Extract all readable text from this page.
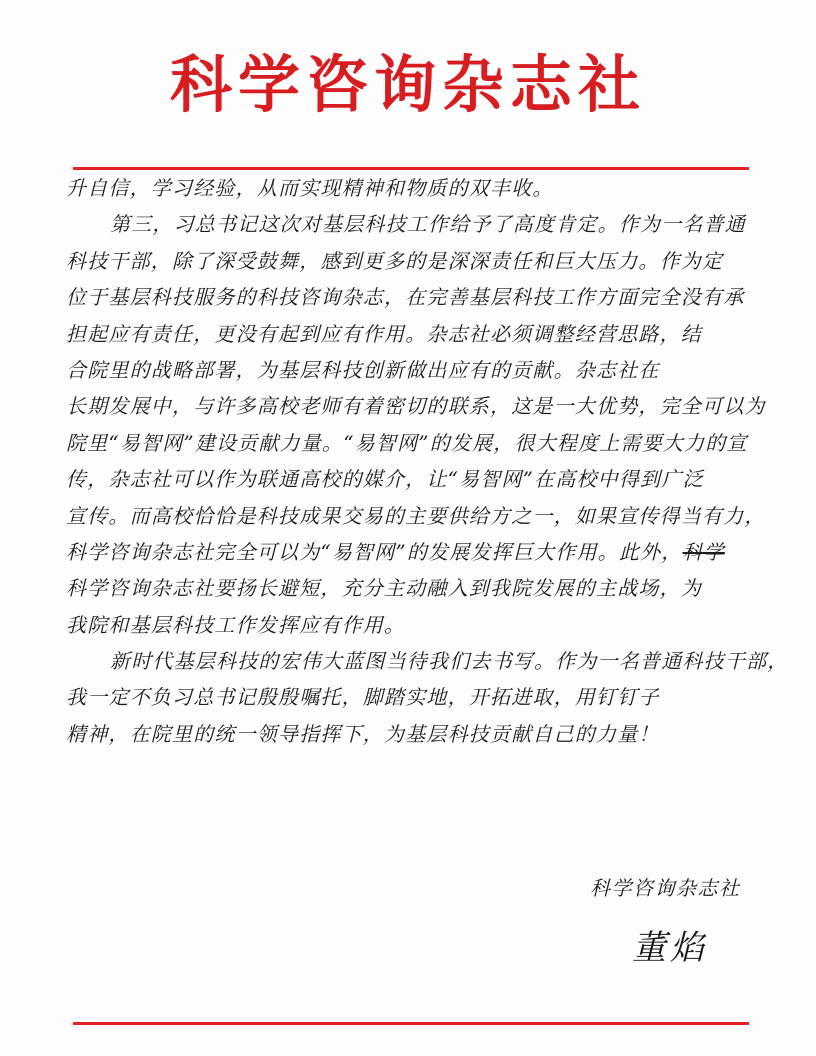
科学咨询杂志社
升自信，学习经验，从而实现精神和物质的双丰收。
第三，习总书记这次对基层科技工作给予了高度肯定。作为一名普通
科技干部，除了深受鼓舞，感到更多的是深深责任和巨大压力。作为定
位于基层科技服务的科技咨询杂志，在完善基层科技工作方面完全没有承
担起应有责任，更没有起到应有作用。杂志社必须调整经营思路，结
合院里的战略部署，为基层科技创新做出应有的贡献。杂志社在
长期发展中，与许多高校老师有着密切的联系，这是一大优势，完全可以为
院里“易智网”建设贡献力量。“易智网”的发展，很大程度上需要大力的宣
传，杂志社可以作为联通高校的媒介，让“易智网”在高校中得到广泛
宣传。而高校恰恰是科技成果交易的主要供给方之一，如果宣传得当有力，
科学咨询杂志社完全可以为“易智网”的发展发挥巨大作用。此外，科学
科学咨询杂志社要扬长避短，充分主动融入到我院发展的主战场，为
我院和基层科技工作发挥应有作用。
新时代基层科技的宏伟大蓝图当待我们去书写。作为一名普通科技干部，
我一定不负习总书记殷殷嘱托，脚踏实地，开拓进取，用钉钉子
精神，在院里的统一领导指挥下，为基层科技贡献自己的力量！
科学咨询杂志社
董焰
